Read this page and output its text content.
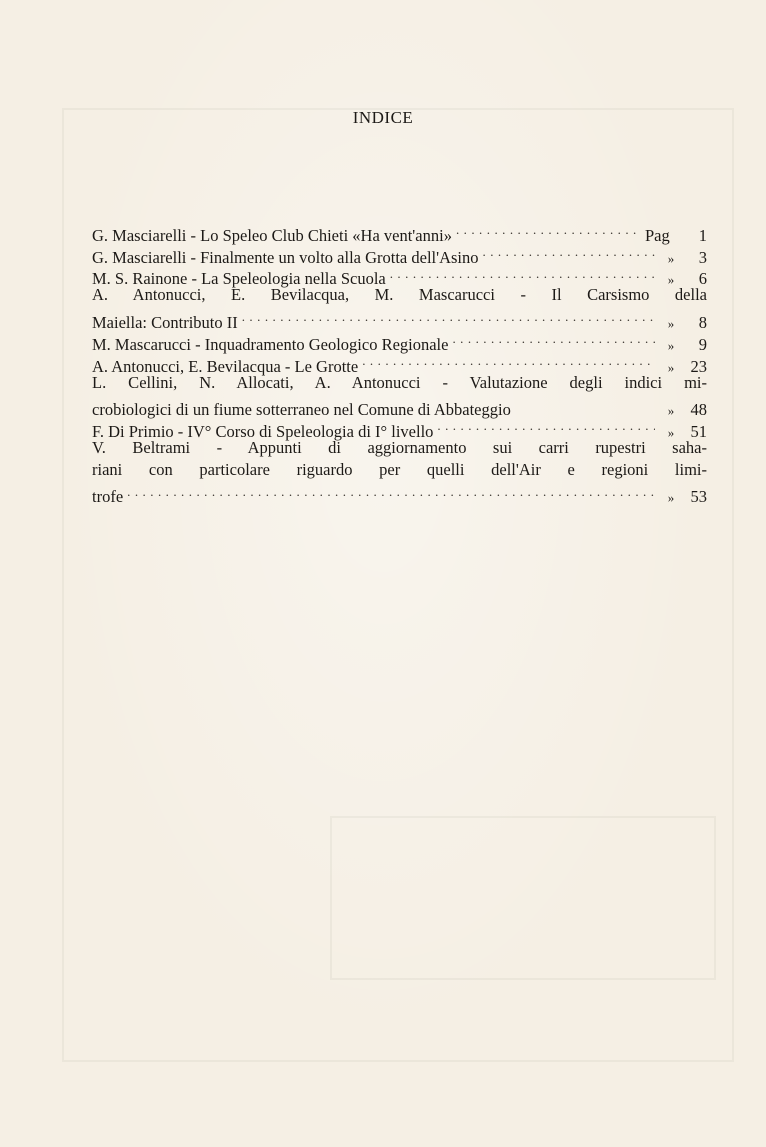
INDICE
G. Masciarelli - Lo Speleo Club Chieti «Ha vent'anni» . . .	Pag	1
G. Masciarelli - Finalmente un volto alla Grotta dell'Asino . . .	»	3
M. S. Rainone - La Speleologia nella Scuola . . .	»	6
A. Antonucci, E. Bevilacqua, M. Mascarucci - Il Carsismo della
Maiella: Contributo II . . .	»	8
M. Mascarucci - Inquadramento Geologico Regionale . . .	»	9
A. Antonucci, E. Bevilacqua - Le Grotte . . .	» 23
L. Cellini, N. Allocati, A. Antonucci - Valutazione degli indici mi-
crobiologici di un fiume sotterraneo nel Comune di Abbateggio	» 48
F. Di Primio - IV° Corso di Speleologia di I° livello . . .	» 51
V. Beltrami - Appunti di aggiornamento sui carri rupestri saha-
riani con particolare riguardo per quelli dell'Air e regioni limi-
trofe . . .	» 53
